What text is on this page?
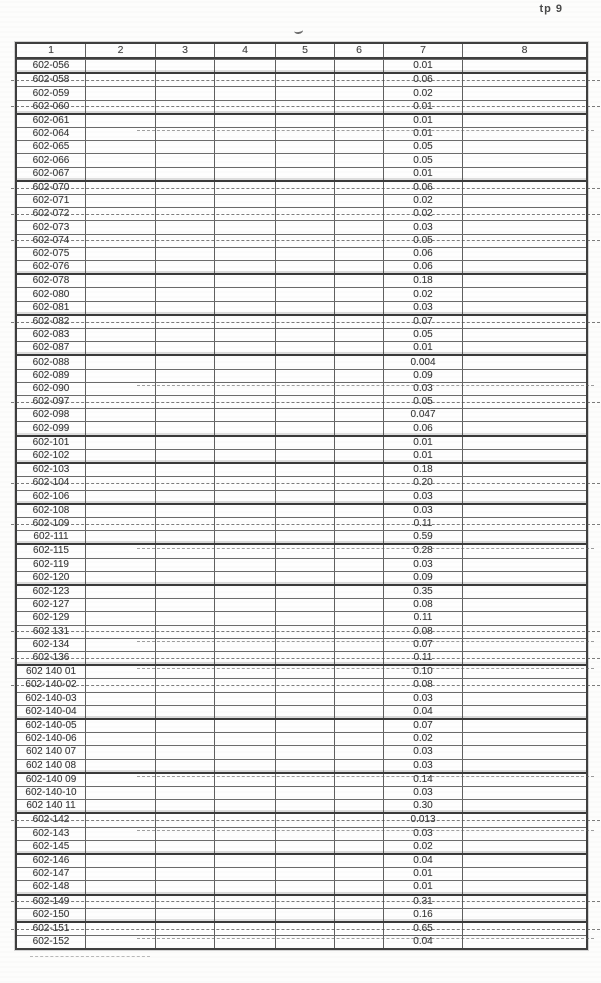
tp 9
1	2	3	4	5	6	7	8
602-056	0.01
602-058	0.06
602-059	0.02
602-060	0.01
602-061	0.01
602-064	0.01
602-065	0.05
602-066	0.05
602-067	0.01
602-070	0.06
602-071	0.02
602-072	0.02
602-073	0.03
602-074	0.05
602-075	0.06
602-076	0.06
602-078	0.18
602-080	0.02
602-081	0.03
602-082	0.07
602-083	0.05
602-087	0.01
602-088	0.004
602-089	0.09
602-090	0.03
602-097	0.05
602-098	0.047
602-099	0.06
602-101	0.01
602-102	0.01
602-103	0.18
602-104	0.20
602-106	0.03
602-108	0.03
602-109	0.11
602-111	0.59
602-115	0.28
602-119	0.03
602-120	0.09
602-123	0.35
602-127	0.08
602-129	0.11
602 131	0.08
602-134	0.07
602-136	0.11
602 140 01	0.10
602-140-02	0.08
602-140-03	0.03
602-140-04	0.04
602-140-05	0.07
602-140-06	0.02
602 140 07	0.03
602 140 08	0.03
602-140 09	0.14
602-140-10	0.03
602 140 11	0.30
602-142	0.013
602-143	0.03
602-145	0.02
602-146	0.04
602-147	0.01
602-148	0.01
602-149	0.31
602-150	0.16
602-151	0.65
602-152	0.04
